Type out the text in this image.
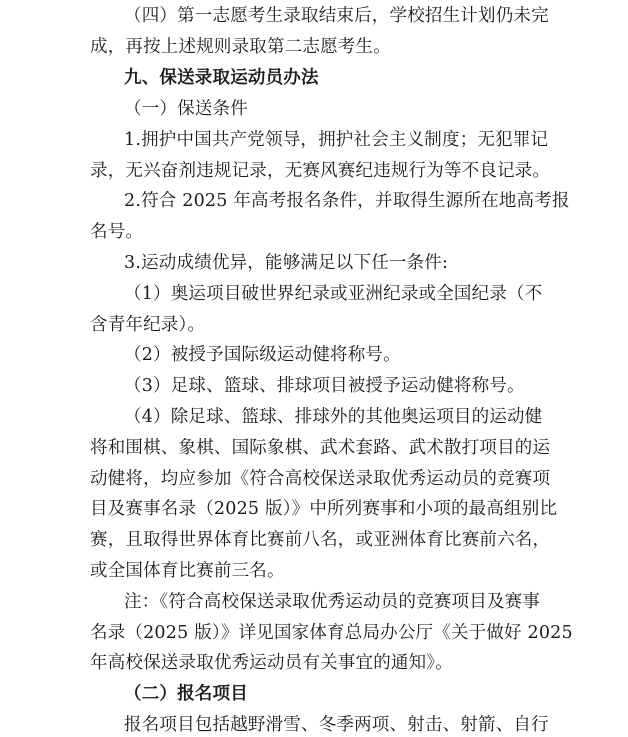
（四）第一志愿考生录取结束后，学校招生计划仍未完
成，再按上述规则录取第二志愿考生。
九、保送录取运动员办法
（一）保送条件
1.拥护中国共产党领导，拥护社会主义制度；无犯罪记
录，无兴奋剂违规记录，无赛风赛纪违规行为等不良记录。
2.符合 2025 年高考报名条件，并取得生源所在地高考报
名号。
3.运动成绩优异，能够满足以下任一条件:
（1）奥运项目破世界纪录或亚洲纪录或全国纪录（不
含青年纪录）。
（2）被授予国际级运动健将称号。
（3）足球、篮球、排球项目被授予运动健将称号。
（4）除足球、篮球、排球外的其他奥运项目的运动健
将和围棋、象棋、国际象棋、武术套路、武术散打项目的运
动健将，均应参加《符合高校保送录取优秀运动员的竞赛项
目及赛事名录（2025 版）》中所列赛事和小项的最高组别比
赛，且取得世界体育比赛前八名，或亚洲体育比赛前六名，
或全国体育比赛前三名。
注：《符合高校保送录取优秀运动员的竞赛项目及赛事
名录（2025 版）》详见国家体育总局办公厅《关于做好 2025
年高校保送录取优秀运动员有关事宜的通知》。
（二）报名项目
报名项目包括越野滑雪、冬季两项、射击、射箭、自行
